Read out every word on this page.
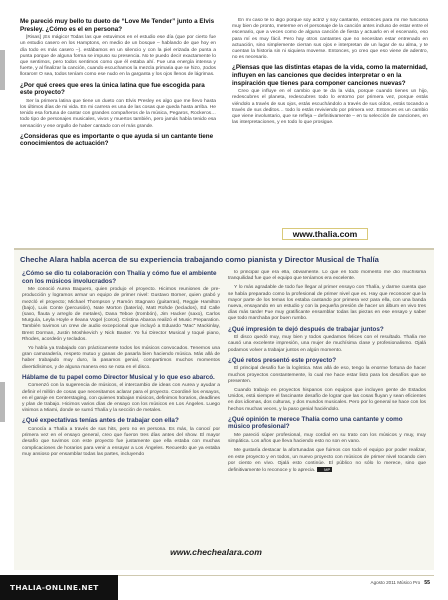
Me pareció muy bello tu dueto de “Love Me Tender” junto a Elvis Presley. ¿Cómo es el en persona?

[Risas] ¡Es mágico! Todas las que estuvimos en el estudio ese día (que por cierto fue un estudio casero en los Hamptons, en medio de un bosque – hablando de que hoy en día todo es más casero –). estábamos en un silencio y con la piel erizada de punta a punta porque de alguna forma se impuso su presencia. No te puedo decir exactamente lo que sentimos, pero todos sentimos como que él estaba ahí. Fue una energía intensa y fuerte, y al finalizar la canción, cuando escuchamos la mezcla primaria que se hizo, ¡todos lloraron! O sea, todos teníam como ese nudo en la garganta y los ojos llenos de lágrimas.

¿Por qué crees que eres la única latina que fue escogida para este proyecto?

Ser la primera latina que tiene un dueto con Elvis Presley es algo que me llevo hasta los últimos días de mi vida. En mi carrera es una de las cosas que queda hasta arriba. He tenido esa fortuna de cantar con grandes compañeros de la música, Pegaros, Rockeros… todo tipo de personajes musicales, vivos y muertos también, pero jamás había tenido esa sensación y ese orgullo de haber cantado con el más grande.

¿Consideras que es importante o que ayuda si un cantante tiene conocimientos de actuación?

En mi caso te lo digo porque soy actriz y soy cantante, entonces para mí me funciona muy bien de pronto, meterme en el personaje de la canción antes incluso de estar entre el escenario, que a veces como de alguna canción de fiesta y actuarlo en el escenario, eso para mí es muy fácil. Pero hay otros cantantes que no necesitan estar entrenado en actuación, sino simplemente cierran sus ojos e interpretan de un lugar de su alma, y te cuentan la historia sin ni siquiera moverse. Entonces, yo creo que eso viene de adentro, no es necesario.

¿Piensas que las distintas etapas de la vida, como la maternidad, influyen en las canciones que decides interpretar o en la inspiración que tienes para componer canciones nuevas?

Creo que influye en el cambio que te da la vida, porque cuando tienes un hijo, redescubres el planeta, redescubres todo lo entorno por primera vez, porque estás viéndolo a través de sus ojos, estás escuchándolo a través de sus oídos, estás tocando a través de sus deditos… todo lo estás reviviendo por primera vez. Entonces es un cambio que viene involuntario, que se refleja – definitivamente – en tu selección de canciones, en las interpretaciones, y en todo lo que prosigue.

www.thalia.com
Cheche Alara habla acerca de su experiencia trabajando como pianista y Director Musical de Thalía
¿Cómo se dio tu colaboración con Thalía y cómo fue el ambiente con los músicos involucrados?

Me conoció Aurea Baquero, quien produjo el proyecto. Hicimos reuniones de pre-producción y logramos armar un equipo de primer nivel: Gustavo Borner, quien grabó y mezcló el proyecto; Michael Thompson y Ramón Stagnaro (guitarras), Reggie Hamilton (bajo), Luis Conte (percusión), Nate Morton (batería), Matt Rohde (teclados), Ed Calle (saxo, flauta y arreglo de metales), Dana Teboe (trombón), Jim Hacker (saxo), Carlos Murguía, Leyla Hoyle e Ileana Vogel (coros). Cristina Abaroa realizó el Music Preparation. También tuvimos un crew de audio excepcional que incluyó a Eduardo “Mac” Mackinlay, Brent Dorman, Justin Moshkevich y Nick Baxter. Yo fui Director Musical y toqué piano, Rhodes, acordeón y teclados.

Yo había ya trabajado con prácticamente todos los músicos convocados. Tenemos una gran camaradería, respeto mutuo y ganas de pasarla bien haciendo música. Más allá de haber trabajado muy duro, la pasamos genial, compartimos muchos momentos divertidísimos, y de alguna manera eso se nota en el disco.

Háblame de tu papel como Director Musical y lo que eso abarcó.

Comenzó con la sugerencia de músicos, el intercambio de ideas con Aurea y ayudar a definir el millón de cosas que necesitamos aclarar para el proyecto. Coordiné los ensayos, en el garaje en Centerstaging, con quienes trabajan músicos, definimos horarios, deadlines y plan de trabajo. Hicimos varios días de ensayo con los músicos en Los Ángeles. Luego vinimos a Miami, donde se sumó Thalía y la sección de metales.

¿Qué expectativas tenías antes de trabajar con ella?

Conocía a Thalía a través de sus hits, pero no en persona. Es más, la conocí por primera vez en el ensayo general, creo que fueron tres días antes del show. El mayor desafío que tuvimos con este proyecto fue justamente que ella estaba con muchas complicaciones de horarios para venir a ensayar a Los Ángeles. Recuerdo que ya estaba muy ansioso por ensamblar todas las partes, incluyendo

lo principal que era ella, obviamente. Lo que en todo momento me dio muchísima tranquilidad fue que el equipo que teníamos era excelente.

Y lo más agradable de todo fue llegar al primer ensayo con Thalía, y darme cuenta que se había preparado como la profesional de primer nivel que es. Hay que reconocer que la mayor parte de los temas los estaba cantando por primera vez para ella, con una banda nueva, ensayando en un estudio y con la pequeña presión de hacer un álbum en vivo tres días más tarde! Fue muy gratificante ensamblar todas las piezas en ese ensayo y saber que todo marchaba por buen rumbo.

¿Qué impresión te dejó después de trabajar juntos?

El disco quedó muy, muy bien y todos quedamos felices con el resultado. Thalía me causó una excelente impresión, una mujer de muchísima clase y profesionalismo. Ojalá podamos volver a trabajar juntos en algún momento.

¿Qué retos presentó este proyecto?

El principal desafío fue la logística. Mas allá de eso, tengo la enorme fortuna de hacer muchos proyectos constantemente, lo cual me hace estar listo para los desafíos que se presenten.

Cuando trabajo en proyectos hispanos con equipos que incluyen gente de Estados Unidos, está siempre el fascinante desafío de lograr que las cosas fluyan y sean eficientes en dos idiomas, dos culturas, y dos mundos musicales. Pero por lo general se hace con los hechos muchas veces, y la paso genial haciéndolo.

¿Qué opinión te merece Thalía como una cantante y como músico profesional?

Me pareció súper profesional, muy cordial en su trato con los músicos y muy, muy simpática. Los años que lleva haciendo esto no son en vano.

Me gustaría destacar la afortunadas que fuimos con todo el equipo por poder realizar, en este proyecto y en todos, un nuevo proyecto con músicos de primer nivel tocando cien por ciento en vivo. Ojalá esto continúe. El público no sólo lo merece, sino que definitivamente lo reconoce y lo aprecia. MP

www.chechealara.com
Agosto 2011 Músico Pro 55
THALIA-ONLINE.NET
